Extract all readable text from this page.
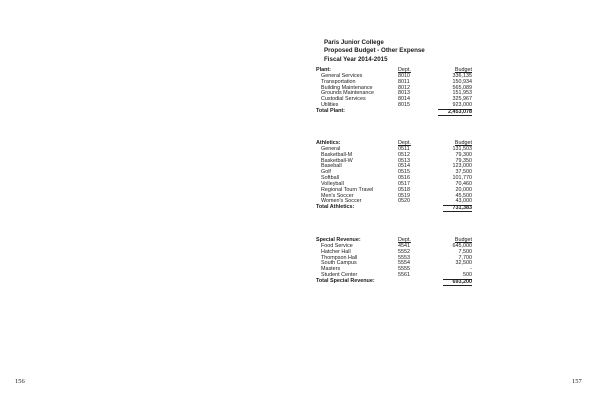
Paris Junior College
Proposed Budget - Other Expense
Fiscal Year 2014-2015
Plant:	Dept.	Budget
General Services	8010	336,135
Transportation	8011	150,934
Building Maintenance	8012	565,089
Grounds Maintenance	8013	151,953
Custodial Services	8014	325,967
Utilities	8015	923,000
Total Plant:	2,453,078
Athletics:	Dept.	Budget
General	0511	131,503
Basketball-M	0512	79,300
Basketball-W	0513	79,350
Baseball	0514	123,000
Golf	0515	37,500
Softball	0516	101,770
Volleyball	0517	70,460
Regional Tourn Travel	0518	20,000
Men's Soccer	0519	45,500
Women's Soccer	0520	43,000
Total Athletics:	731,383
Special Revenue:	Dept.	Budget
Food Service	4541	645,000
Hatcher Hall	5552	7,500
Thompson Hall	5553	7,700
South Campus	5554	32,500
Masters	5555	-
Student Center	5561	500
Total Special Revenue:	693,200
156	157
